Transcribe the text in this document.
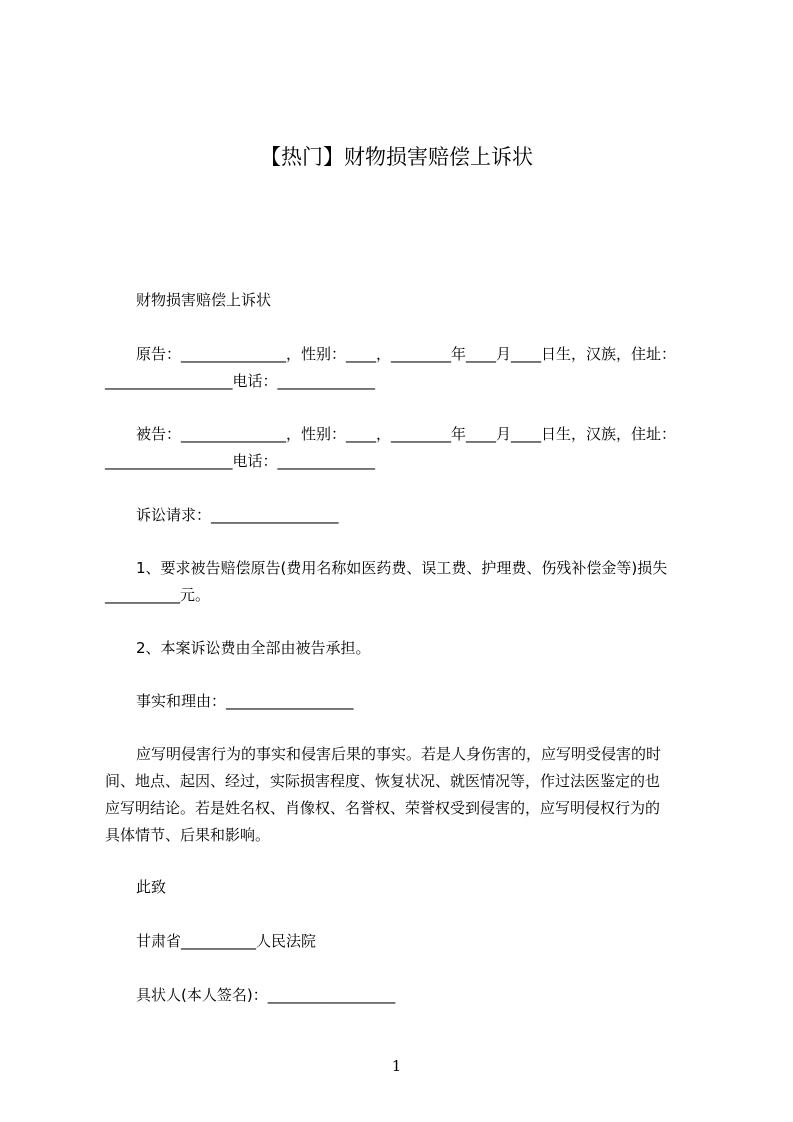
【热门】财物损害赔偿上诉状
财物损害赔偿上诉状
原告：______________，性别：____，________年____月____日生，汉族，住址：
_________________电话：_____________
被告：______________，性别：____，________年____月____日生，汉族，住址：
_________________电话：_____________
诉讼请求：_________________
1、要求被告赔偿原告(费用名称如医药费、误工费、护理费、伤残补偿金等)损失
__________元。
2、本案诉讼费由全部由被告承担。
事实和理由：_________________
应写明侵害行为的事实和侵害后果的事实。若是人身伤害的，应写明受侵害的时
间、地点、起因、经过，实际损害程度、恢复状况、就医情况等，作过法医鉴定的也
应写明结论。若是姓名权、肖像权、名誉权、荣誉权受到侵害的，应写明侵权行为的
具体情节、后果和影响。
此致
甘肃省__________人民法院
具状人(本人签名)：_________________
1
